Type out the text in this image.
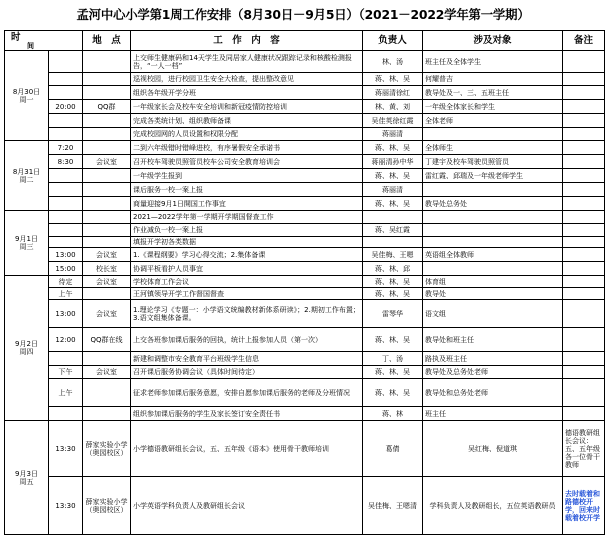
孟河中心小学第1周工作安排（8月30日－9月5日）（2021－2022学年第一学期）
时
间		地　点	工　作　内　容	负责人	涉及对象	备注
8月30日
周一			上交师生健康码和14天学生及同居家人健康状况跟踪记录和核酸检测报告，“一人一档”	林、汤	班主任及全体学生	
			巡视校园，进行校园卫生安全大检查，提出整改意见	蒋、林、吴	何耀普吉	
			组织各年级开学分班	蒋丽清徐红	教导处及一、三、五班主任	
	20:00	QQ群	一年级家长会及校车安全培训和新冠疫情防控培训	林、黄、刘	一年级全体家长和学生	
			完成各类统计划、组织教师备课	吴佳英徐红霞	全体老师	
			完成校园网的人员设置和权限分配	蒋丽清		
8月31日
周二	7:20		二到六年级错时错峰进校，有序暑假安全承诺书	蒋、林、吴	全体师生	
	8:30	会议室	召开校车驾驶员照管员校车公司安全教育培训会	蒋丽清孙中华	丁建宇及校车驾驶员照管员	
			一年级学生报到	蒋、林、吴	雷红霞、邱瑞及一年级老师学生	
			课后服务一校一案上报	蒋丽清		
			商量迎接9月1日開国工作事宜	蒋、林、吴	教导处总务处	
9月1日
周三			2021—2022学年第一学期开学期国督查工作			
			作业减负一校一案上报	蒋、吴红霞		
			填报开学初各类数据			
	13:00	会议室	1.《课程纲要》学习心得交流；2.集体备课	吴佳梅、王嗯	英语组全体教师	
	15:00	校长室	协调平板看护人员事宜	蒋、林、邱		
9月2日
周四	待定	会议室	学校体育工作会议	蒋、林、吴	体育组	
	上午		王河镇领导开学工作督国督查	蒋、林、吴	教导处	
	13:00	会议室	1.理论学习《专题一：小学语文统编教材新体系研读》；2.期初工作布置；3.语文组集体备课。	雷琴华	语文组	
	12:00	QQ群在线	上交各班参加课后服务的回执，统计上报参加人员（第一次）	蒋、林、吴	教导处和班主任	
			新建和调整市安全教育平台班级学生信息	丁、汤	路执及班主任	
	下午	会议室	召开课后服务协调会议（具体时间待定）	蒋、林、吴	教导处及总务处老师	
	上午		征求老师参加课后服务意愿，安排自愿参加课后服务的老师及分班情况	蒋、林、吴	教导处和总务处老师	
			组织参加课后服务的学生及家长签订安全责任书	蒋、林	班主任	
9月3日
周五	13:30	薛家实验小学（奥园校区）	小学德语教研组长会议，五、五年级《语本》使用骨干教师培训	葛倩	吴红梅、倪道琪	德语教研组长会议：五、五年级各一位骨干教师
	13:30	薛家实验小学（奥园校区）	小学英语学科负责人及教研组长会议	吴佳梅、王嗯清	学科负责人及教研组长，五位英语教研员	去时载着和路德校开学，回来时载着校开学
